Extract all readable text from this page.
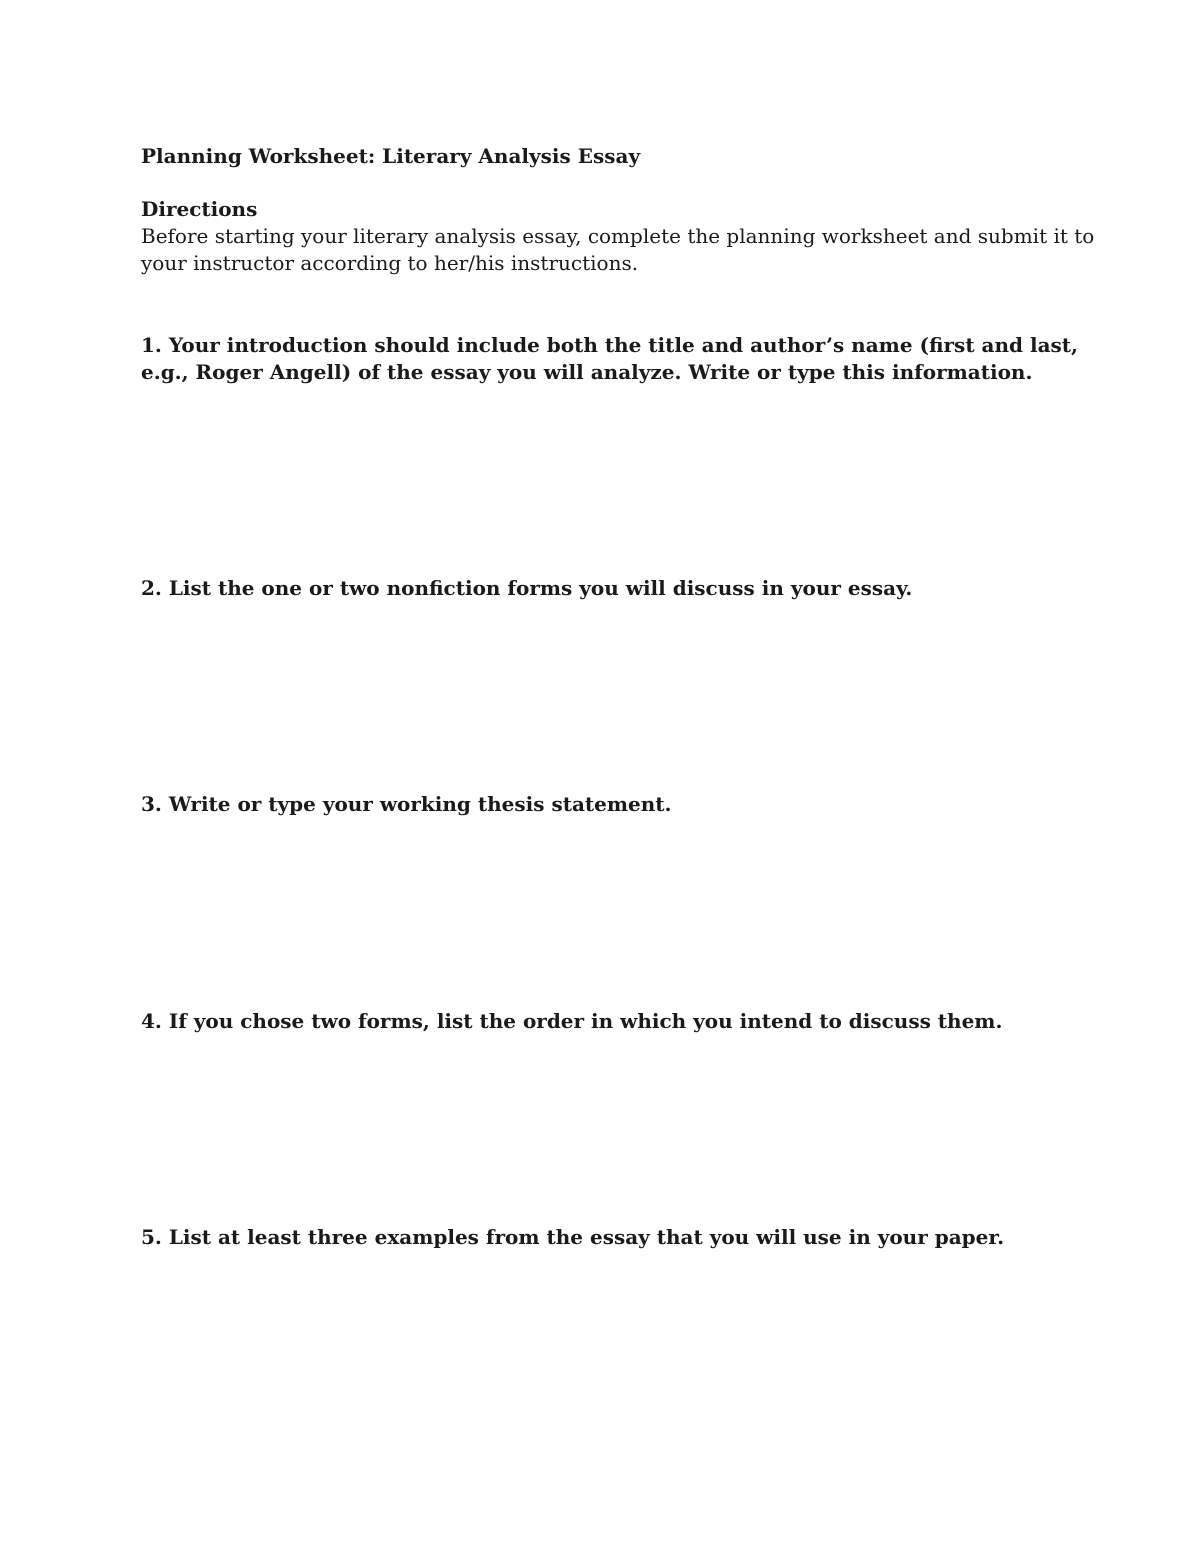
Planning Worksheet: Literary Analysis Essay

Directions

Before starting your literary analysis essay, complete the planning worksheet and submit it to your instructor according to her/his instructions.

1. Your introduction should include both the title and author’s name (first and last, e.g., Roger Angell) of the essay you will analyze. Write or type this information.

2. List the one or two nonfiction forms you will discuss in your essay.

3. Write or type your working thesis statement.

4. If you chose two forms, list the order in which you intend to discuss them.

5. List at least three examples from the essay that you will use in your paper.
